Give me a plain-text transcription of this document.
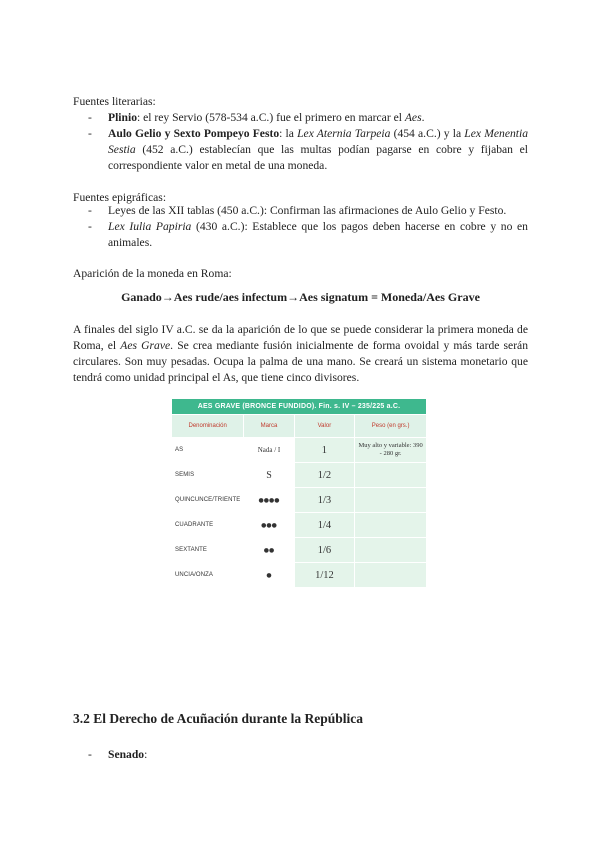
Fuentes literarias:
- Plinio: el rey Servio (578-534 a.C.) fue el primero en marcar el Aes.
- Aulo Gelio y Sexto Pompeyo Festo: la Lex Aternia Tarpeia (454 a.C.) y la Lex Menentia Sestia (452 a.C.) establecían que las multas podían pagarse en cobre y fijaban el correspondiente valor en metal de una moneda.
Fuentes epigráficas:
- Leyes de las XII tablas (450 a.C.): Confirman las afirmaciones de Aulo Gelio y Festo.
- Lex Iulia Papiria (430 a.C.): Establece que los pagos deben hacerse en cobre y no en animales.
Aparición de la moneda en Roma:
Ganado→Aes rude/aes infectum→Aes signatum = Moneda/Aes Grave
A finales del siglo IV a.C. se da la aparición de lo que se puede considerar la primera moneda de Roma, el Aes Grave. Se crea mediante fusión inicialmente de forma ovoidal y más tarde serán circulares. Son muy pesadas. Ocupa la palma de una mano. Se creará un sistema monetario que tendrá como unidad principal el As, que tiene cinco divisores.
AES GRAVE (BRONCE FUNDIDO). Fin. s. IV – 235/225 a.C.			
Denominación	Marca	Valor	Peso (en grs.)
AS	Nada / I	1	Muy alto y variable: 390 - 280 gr.
SEMIS	S	1/2	
QUINCUNCE/TRIENTE	●●●●	1/3	
CUADRANTE	●●●	1/4	
SEXTANTE	●●	1/6	
UNCIA/ONZA	●	1/12	
3.2 El Derecho de Acuñación durante la República
- Senado:
